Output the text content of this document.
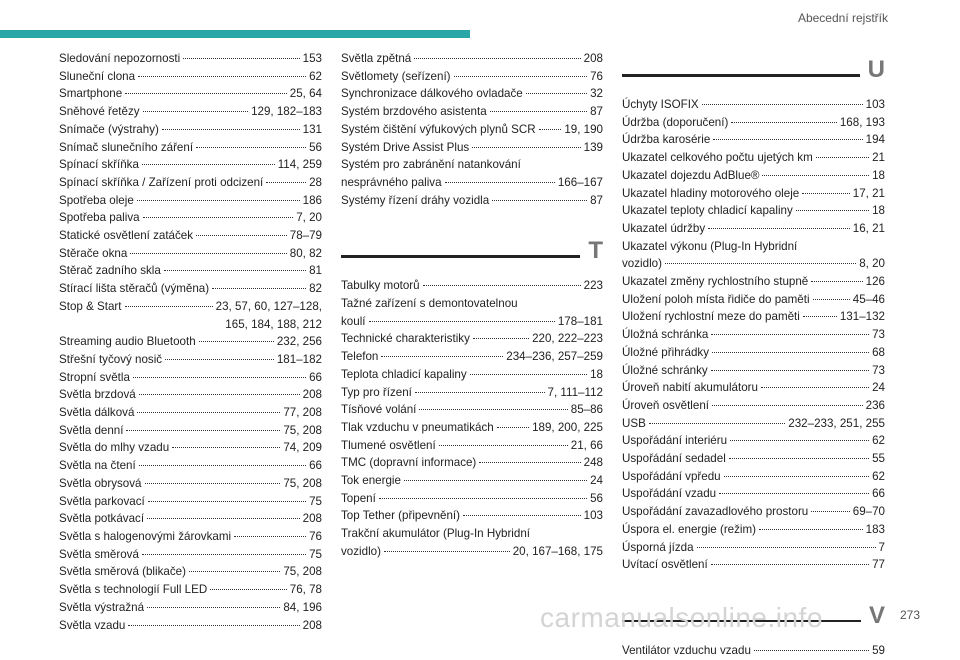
Abecední rejstřík
Sledování nepozornosti	153
Sluneční clona	62
Smartphone	25, 64
Sněhové řetězy	129, 182–183
Snímače (výstrahy)	131
Snímač slunečního záření	56
Spínací skříňka	114, 259
Spínací skříňka / Zařízení proti odcizení	28
Spotřeba oleje	186
Spotřeba paliva	7, 20
Statické osvětlení zatáček	78–79
Stěrače okna	80, 82
Stěrač zadního skla	81
Stírací lišta stěračů (výměna)	82
Stop & Start	23, 57, 60, 127–128,
165, 184, 188, 212
Streaming audio Bluetooth	232, 256
Střešní tyčový nosič	181–182
Stropní světla	66
Světla brzdová	208
Světla dálková	77, 208
Světla denní	75, 208
Světla do mlhy vzadu	74, 209
Světla na čtení	66
Světla obrysová	75, 208
Světla parkovací	75
Světla potkávací	208
Světla s halogenovými žárovkami	76
Světla směrová	75
Světla směrová (blikače)	75, 208
Světla s technologií Full LED	76, 78
Světla výstražná	84, 196
Světla vzadu	208
Světla zpětná	208
Světlomety (seřízení)	76
Synchronizace dálkového ovladače	32
Systém brzdového asistenta	87
Systém čištění výfukových plynů SCR 19, 190
Systém Drive Assist Plus	139
Systém pro zabránění natankování
nesprávného paliva	166–167
Systémy řízení dráhy vozidla	87
T
Tabulky motorů	223
Tažné zařízení s demontovatelnou
koulí	178–181
Technické charakteristiky	220, 222–223
Telefon	234–236, 257–259
Teplota chladicí kapaliny	18
Typ pro řízení	7, 111–112
Tísňové volání	85–86
Tlak vzduchu v pneumatikách	189, 200, 225
Tlumené osvětlení	21, 66
TMC (dopravní informace)	248
Tok energie	24
Topení	56
Top Tether (připevnění)	103
Trakční akumulátor (Plug-In Hybridní
vozidlo)	20, 167–168, 175
U
Úchyty ISOFIX	103
Údržba (doporučení)	168, 193
Údržba karosérie	194
Ukazatel celkového počtu ujetých km	21
Ukazatel dojezdu AdBlue®	18
Ukazatel hladiny motorového oleje	17, 21
Ukazatel teploty chladicí kapaliny	18
Ukazatel údržby	16, 21
Ukazatel výkonu (Plug-In Hybridní
vozidlo)	8, 20
Ukazatel změny rychlostního stupně	126
Uložení poloh místa řidiče do paměti	45–46
Uložení rychlostní meze do paměti	131–132
Úložná schránka	73
Úložné přihrádky	68
Úložné schránky	73
Úroveň nabití akumulátoru	24
Úroveň osvětlení	236
USB	232–233, 251, 255
Uspořádání interiéru	62
Uspořádání sedadel	55
Uspořádání vpředu	62
Uspořádání vzadu	66
Uspořádání zavazadlového prostoru	69–70
Úspora el. energie (režim)	183
Úsporná jízda	7
Uvítací osvětlení	77
V
Ventilátor vzduchu vzadu	59
carmanualsonline.info	273
